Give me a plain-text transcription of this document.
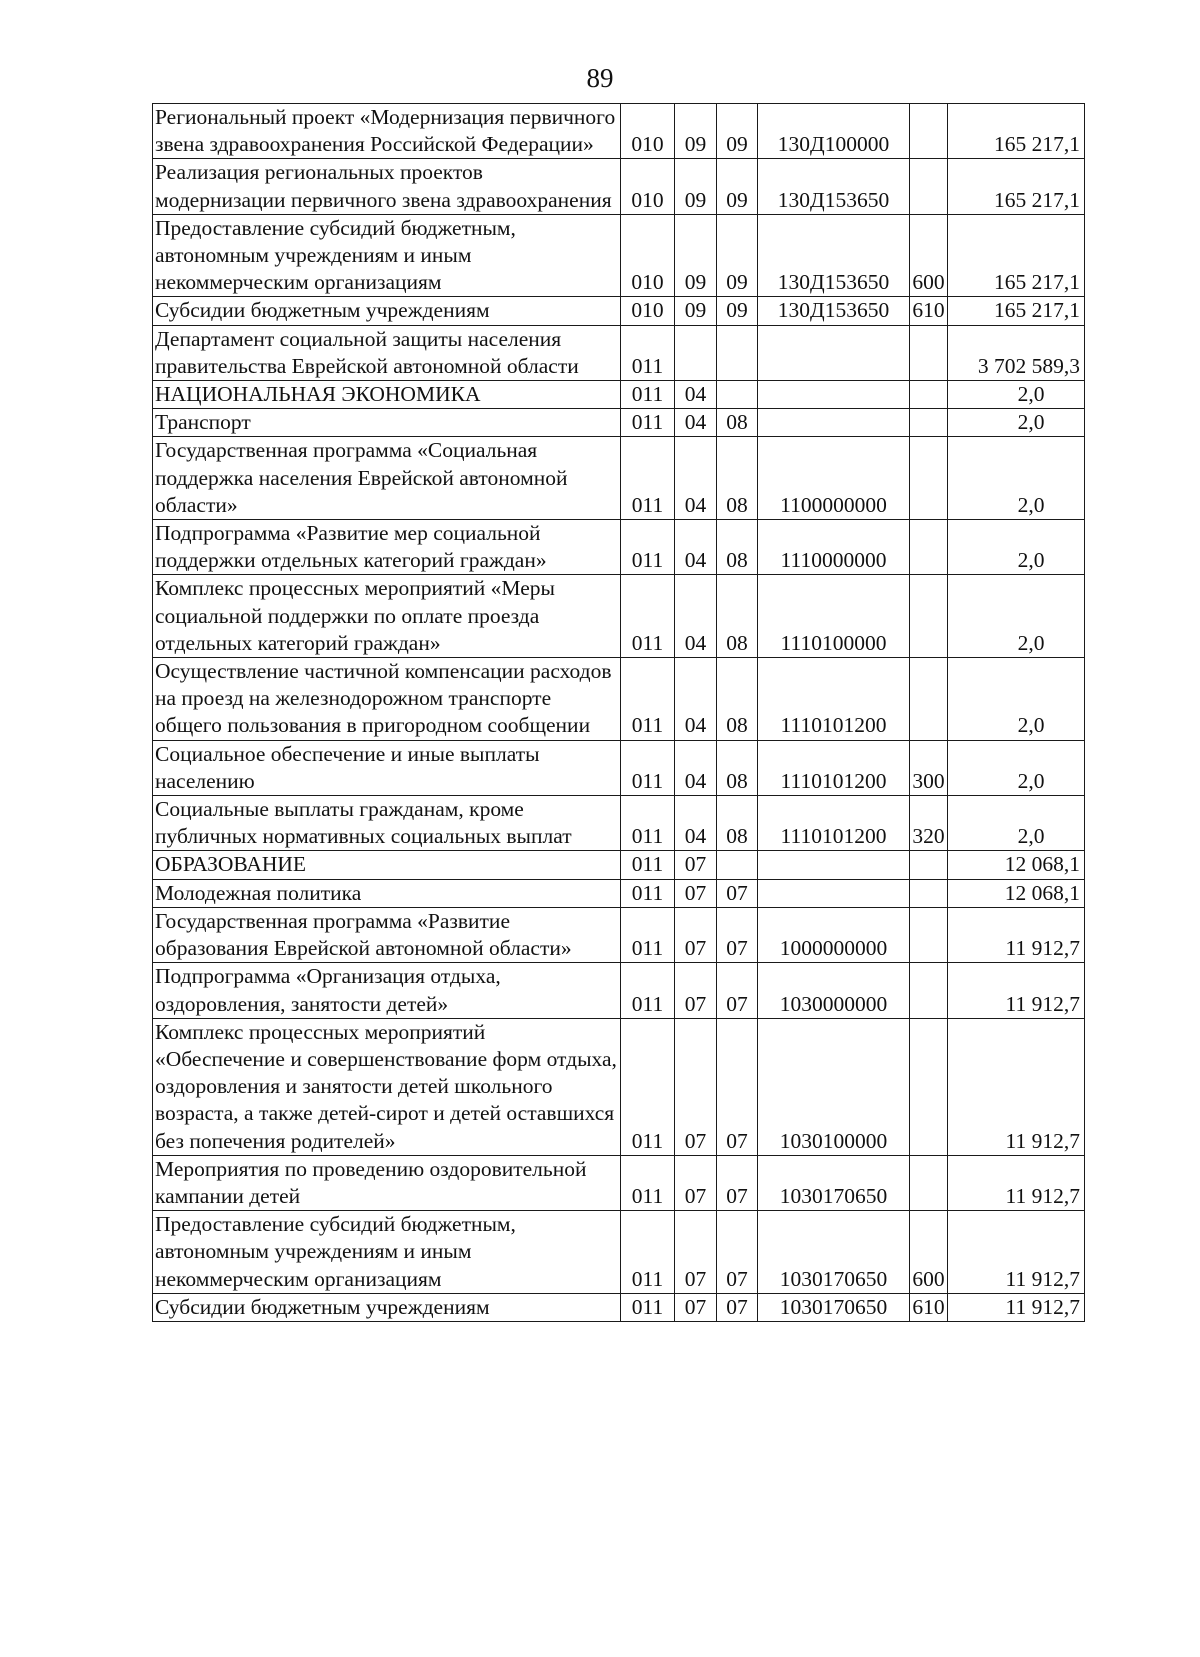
89
Региональный проект «Модернизация первичного звена здравоохранения Российской Федерации»	010	09	09	130Д100000		165 217,1
Реализация региональных проектов модернизации первичного звена здравоохранения	010	09	09	130Д153650		165 217,1
Предоставление субсидий бюджетным, автономным учреждениям и иным некоммерческим организациям	010	09	09	130Д153650	600	165 217,1
Субсидии бюджетным учреждениям	010	09	09	130Д153650	610	165 217,1
Департамент социальной защиты населения правительства Еврейской автономной области	011					3 702 589,3
НАЦИОНАЛЬНАЯ ЭКОНОМИКА	011	04				2,0
Транспорт	011	04	08			2,0
Государственная программа «Социальная поддержка населения Еврейской автономной области»	011	04	08	1100000000		2,0
Подпрограмма «Развитие мер социальной поддержки отдельных категорий граждан»	011	04	08	1110000000		2,0
Комплекс процессных мероприятий «Меры социальной поддержки по оплате проезда отдельных категорий граждан»	011	04	08	1110100000		2,0
Осуществление частичной компенсации расходов на проезд на железнодорожном транспорте общего пользования в пригородном сообщении	011	04	08	1110101200		2,0
Социальное обеспечение и иные выплаты населению	011	04	08	1110101200	300	2,0
Социальные выплаты гражданам, кроме публичных нормативных социальных выплат	011	04	08	1110101200	320	2,0
ОБРАЗОВАНИЕ	011	07				12 068,1
Молодежная политика	011	07	07			12 068,1
Государственная программа «Развитие образования Еврейской автономной области»	011	07	07	1000000000		11 912,7
Подпрограмма «Организация отдыха, оздоровления, занятости детей»	011	07	07	1030000000		11 912,7
Комплекс процессных мероприятий «Обеспечение и совершенствование форм отдыха, оздоровления и занятости детей школьного возраста, а также детей-сирот и детей оставшихся без попечения родителей»	011	07	07	1030100000		11 912,7
Мероприятия по проведению оздоровительной кампании детей	011	07	07	1030170650		11 912,7
Предоставление субсидий бюджетным, автономным учреждениям и иным некоммерческим организациям	011	07	07	1030170650	600	11 912,7
Субсидии бюджетным учреждениям	011	07	07	1030170650	610	11 912,7
